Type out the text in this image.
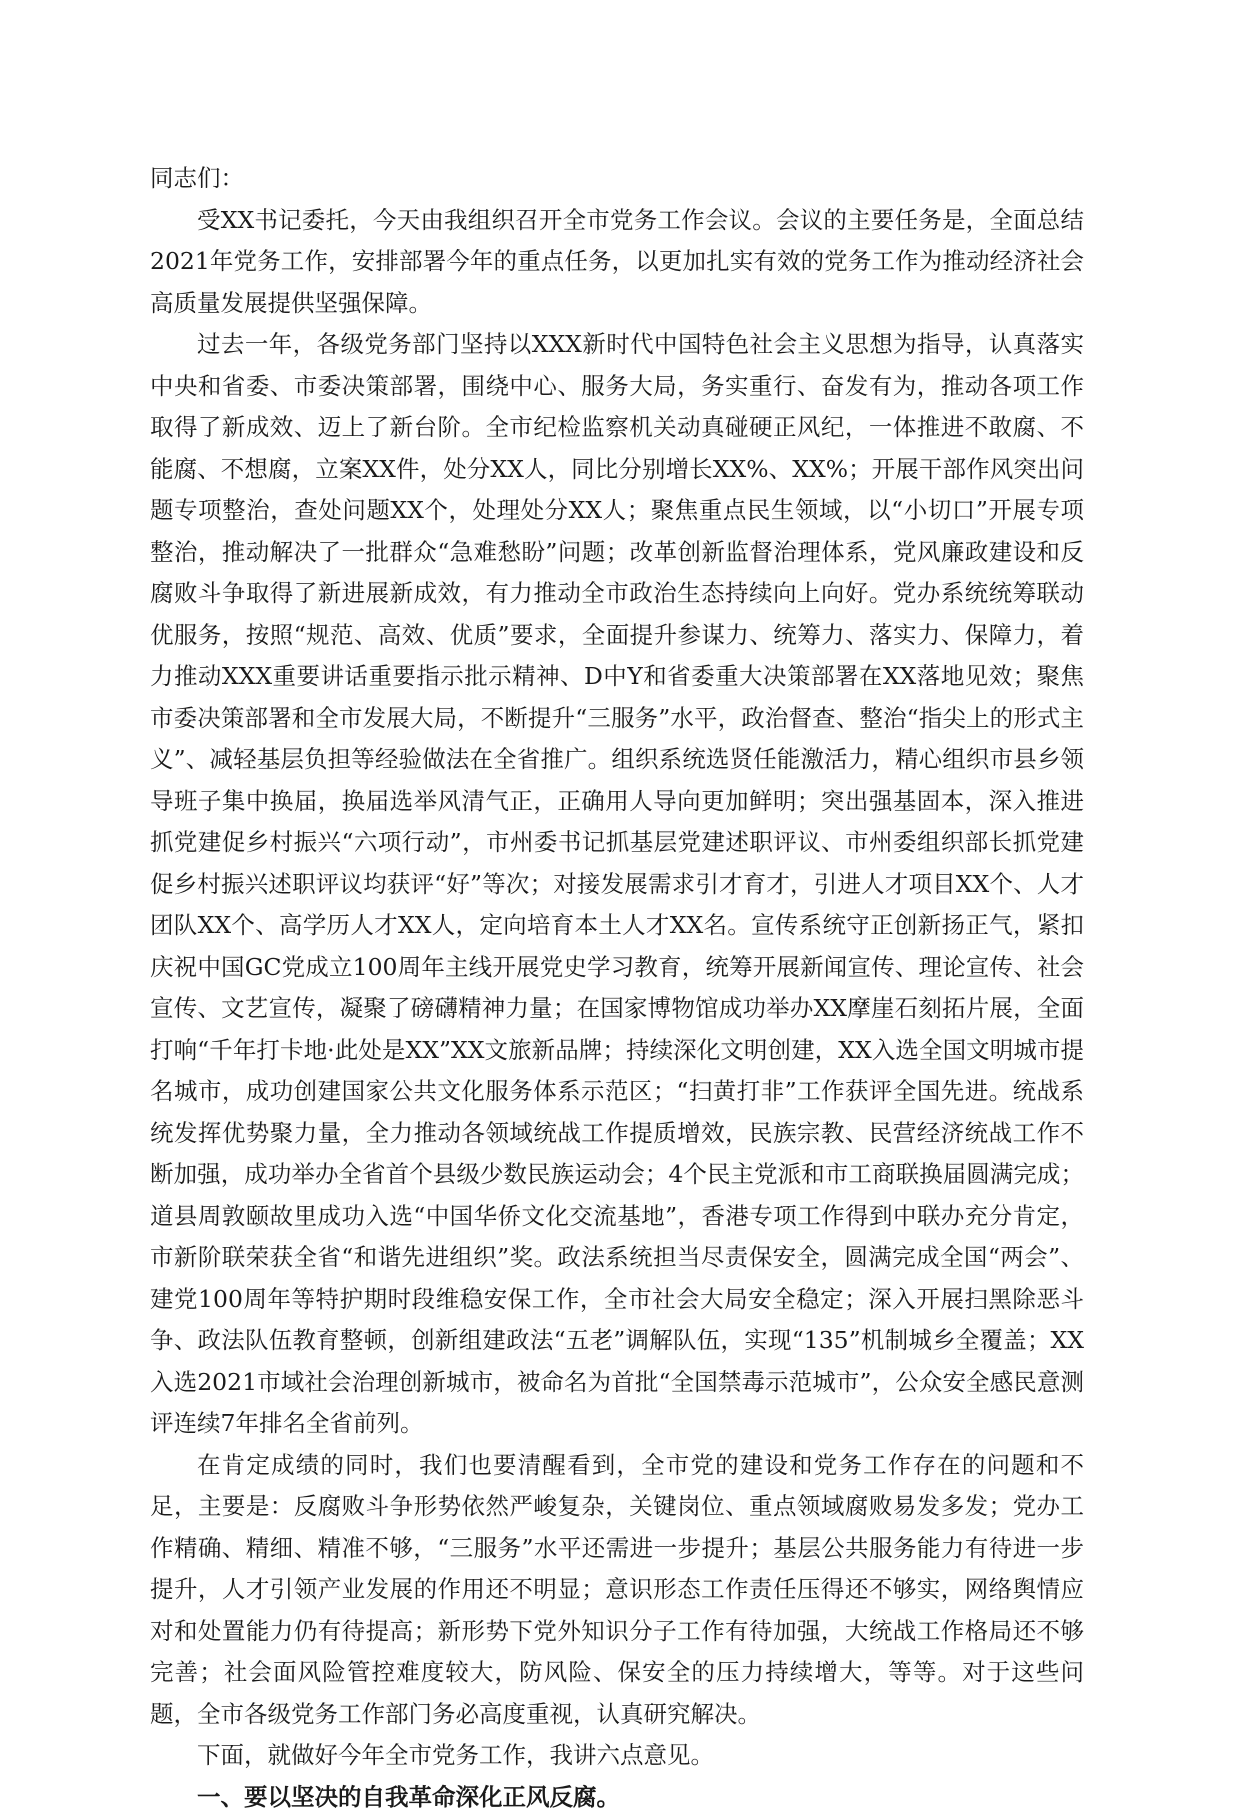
同志们：

受XX书记委托，今天由我组织召开全市党务工作会议。会议的主要任务是，全面总结2021年党务工作，安排部署今年的重点任务，以更加扎实有效的党务工作为推动经济社会高质量发展提供坚强保障。

过去一年，各级党务部门坚持以XXX新时代中国特色社会主义思想为指导，认真落实中央和省委、市委决策部署，围绕中心、服务大局，务实重行、奋发有为，推动各项工作取得了新成效、迈上了新台阶。全市纪检监察机关动真碰硬正风纪，一体推进不敢腐、不能腐、不想腐，立案XX件，处分XX人，同比分别增长XX%、XX%；开展干部作风突出问题专项整治，查处问题XX个，处理处分XX人；聚焦重点民生领域，以“小切口”开展专项整治，推动解决了一批群众“急难愁盼”问题；改革创新监督治理体系，党风廉政建设和反腐败斗争取得了新进展新成效，有力推动全市政治生态持续向上向好。党办系统统筹联动优服务，按照“规范、高效、优质”要求，全面提升参谋力、统筹力、落实力、保障力，着力推动XXX重要讲话重要指示批示精神、D中Y和省委重大决策部署在XX落地见效；聚焦市委决策部署和全市发展大局，不断提升“三服务”水平，政治督查、整治“指尖上的形式主义”、减轻基层负担等经验做法在全省推广。组织系统选贤任能激活力，精心组织市县乡领导班子集中换届，换届选举风清气正，正确用人导向更加鲜明；突出强基固本，深入推进抓党建促乡村振兴“六项行动”，市州委书记抓基层党建述职评议、市州委组织部长抓党建促乡村振兴述职评议均获评“好”等次；对接发展需求引才育才，引进人才项目XX个、人才团队XX个、高学历人才XX人，定向培育本土人才XX名。宣传系统守正创新扬正气，紧扣庆祝中国GC党成立100周年主线开展党史学习教育，统筹开展新闻宣传、理论宣传、社会宣传、文艺宣传，凝聚了磅礴精神力量；在国家博物馆成功举办XX摩崖石刻拓片展，全面打响“千年打卡地·此处是XX”XX文旅新品牌；持续深化文明创建，XX入选全国文明城市提名城市，成功创建国家公共文化服务体系示范区；“扫黄打非”工作获评全国先进。统战系统发挥优势聚力量，全力推动各领域统战工作提质增效，民族宗教、民营经济统战工作不断加强，成功举办全省首个县级少数民族运动会；4个民主党派和市工商联换届圆满完成；道县周敦颐故里成功入选“中国华侨文化交流基地”，香港专项工作得到中联办充分肯定，市新阶联荣获全省“和谐先进组织”奖。政法系统担当尽责保安全，圆满完成全国“两会”、建党100周年等特护期时段维稳安保工作，全市社会大局安全稳定；深入开展扫黑除恶斗争、政法队伍教育整顿，创新组建政法“五老”调解队伍，实现“135”机制城乡全覆盖；XX入选2021市域社会治理创新城市，被命名为首批“全国禁毒示范城市”，公众安全感民意测评连续7年排名全省前列。

在肯定成绩的同时，我们也要清醒看到，全市党的建设和党务工作存在的问题和不足，主要是：反腐败斗争形势依然严峻复杂，关键岗位、重点领域腐败易发多发；党办工作精确、精细、精准不够，“三服务”水平还需进一步提升；基层公共服务能力有待进一步提升，人才引领产业发展的作用还不明显；意识形态工作责任压得还不够实，网络舆情应对和处置能力仍有待提高；新形势下党外知识分子工作有待加强，大统战工作格局还不够完善；社会面风险管控难度较大，防风险、保安全的压力持续增大，等等。对于这些问题，全市各级党务工作部门务必高度重视，认真研究解决。

下面，就做好今年全市党务工作，我讲六点意见。

一、要以坚决的自我革命深化正风反腐。
